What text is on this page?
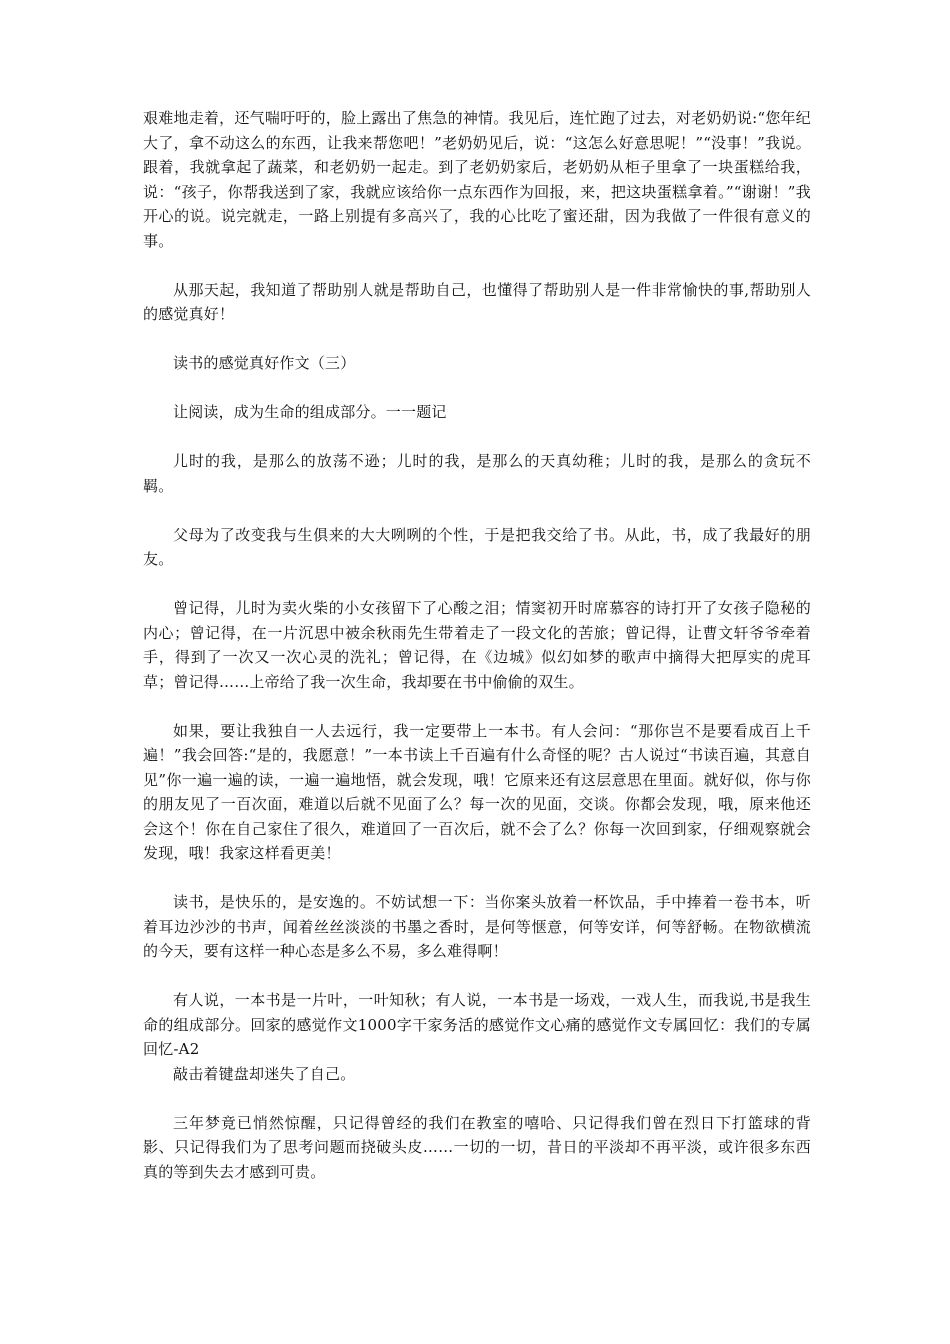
艰难地走着，还气喘吁吁的，脸上露出了焦急的神情。我见后，连忙跑了过去，对老奶奶说:“您年纪大了，拿不动这么的东西，让我来帮您吧！”老奶奶见后，说：“这怎么好意思呢！”“没事！”我说。跟着，我就拿起了蔬菜，和老奶奶一起走。到了老奶奶家后，老奶奶从柜子里拿了一块蛋糕给我，说：“孩子，你帮我送到了家，我就应该给你一点东西作为回报，来，把这块蛋糕拿着。”“谢谢！”我开心的说。说完就走，一路上别提有多高兴了，我的心比吃了蜜还甜，因为我做了一件很有意义的事。

从那天起，我知道了帮助别人就是帮助自己，也懂得了帮助别人是一件非常愉快的事,帮助别人的感觉真好！

读书的感觉真好作文（三）

让阅读，成为生命的组成部分。一一题记

儿时的我，是那么的放荡不逊；儿时的我，是那么的天真幼稚；儿时的我，是那么的贪玩不羁。

父母为了改变我与生俱来的大大咧咧的个性，于是把我交给了书。从此，书，成了我最好的朋友。

曾记得，儿时为卖火柴的小女孩留下了心酸之泪；情窦初开时席慕容的诗打开了女孩子隐秘的内心；曾记得，在一片沉思中被余秋雨先生带着走了一段文化的苦旅；曾记得，让曹文轩爷爷牵着手，得到了一次又一次心灵的洗礼；曾记得，在《边城》似幻如梦的歌声中摘得大把厚实的虎耳草；曾记得……上帝给了我一次生命，我却要在书中偷偷的双生。

如果，要让我独自一人去远行，我一定要带上一本书。有人会问：“那你岂不是要看成百上千遍！”我会回答:“是的，我愿意！”一本书读上千百遍有什么奇怪的呢？古人说过“书读百遍，其意自见”你一遍一遍的读，一遍一遍地悟，就会发现，哦！它原来还有这层意思在里面。就好似，你与你的朋友见了一百次面，难道以后就不见面了么？每一次的见面，交谈。你都会发现，哦，原来他还会这个！你在自己家住了很久，难道回了一百次后，就不会了么？你每一次回到家，仔细观察就会发现，哦！我家这样看更美！

读书，是快乐的，是安逸的。不妨试想一下：当你案头放着一杯饮品，手中捧着一卷书本，听着耳边沙沙的书声，闻着丝丝淡淡的书墨之香时，是何等惬意，何等安详，何等舒畅。在物欲横流的今天，要有这样一种心态是多么不易，多么难得啊！

有人说，一本书是一片叶，一叶知秋；有人说，一本书是一场戏，一戏人生，而我说,书是我生命的组成部分。回家的感觉作文1000字干家务活的感觉作文心痛的感觉作文专属回忆：我们的专属回忆-A2

敲击着键盘却迷失了自己。

三年梦竟已悄然惊醒，只记得曾经的我们在教室的嘻哈、只记得我们曾在烈日下打篮球的背影、只记得我们为了思考问题而挠破头皮……一切的一切，昔日的平淡却不再平淡，或许很多东西真的等到失去才感到可贵。
